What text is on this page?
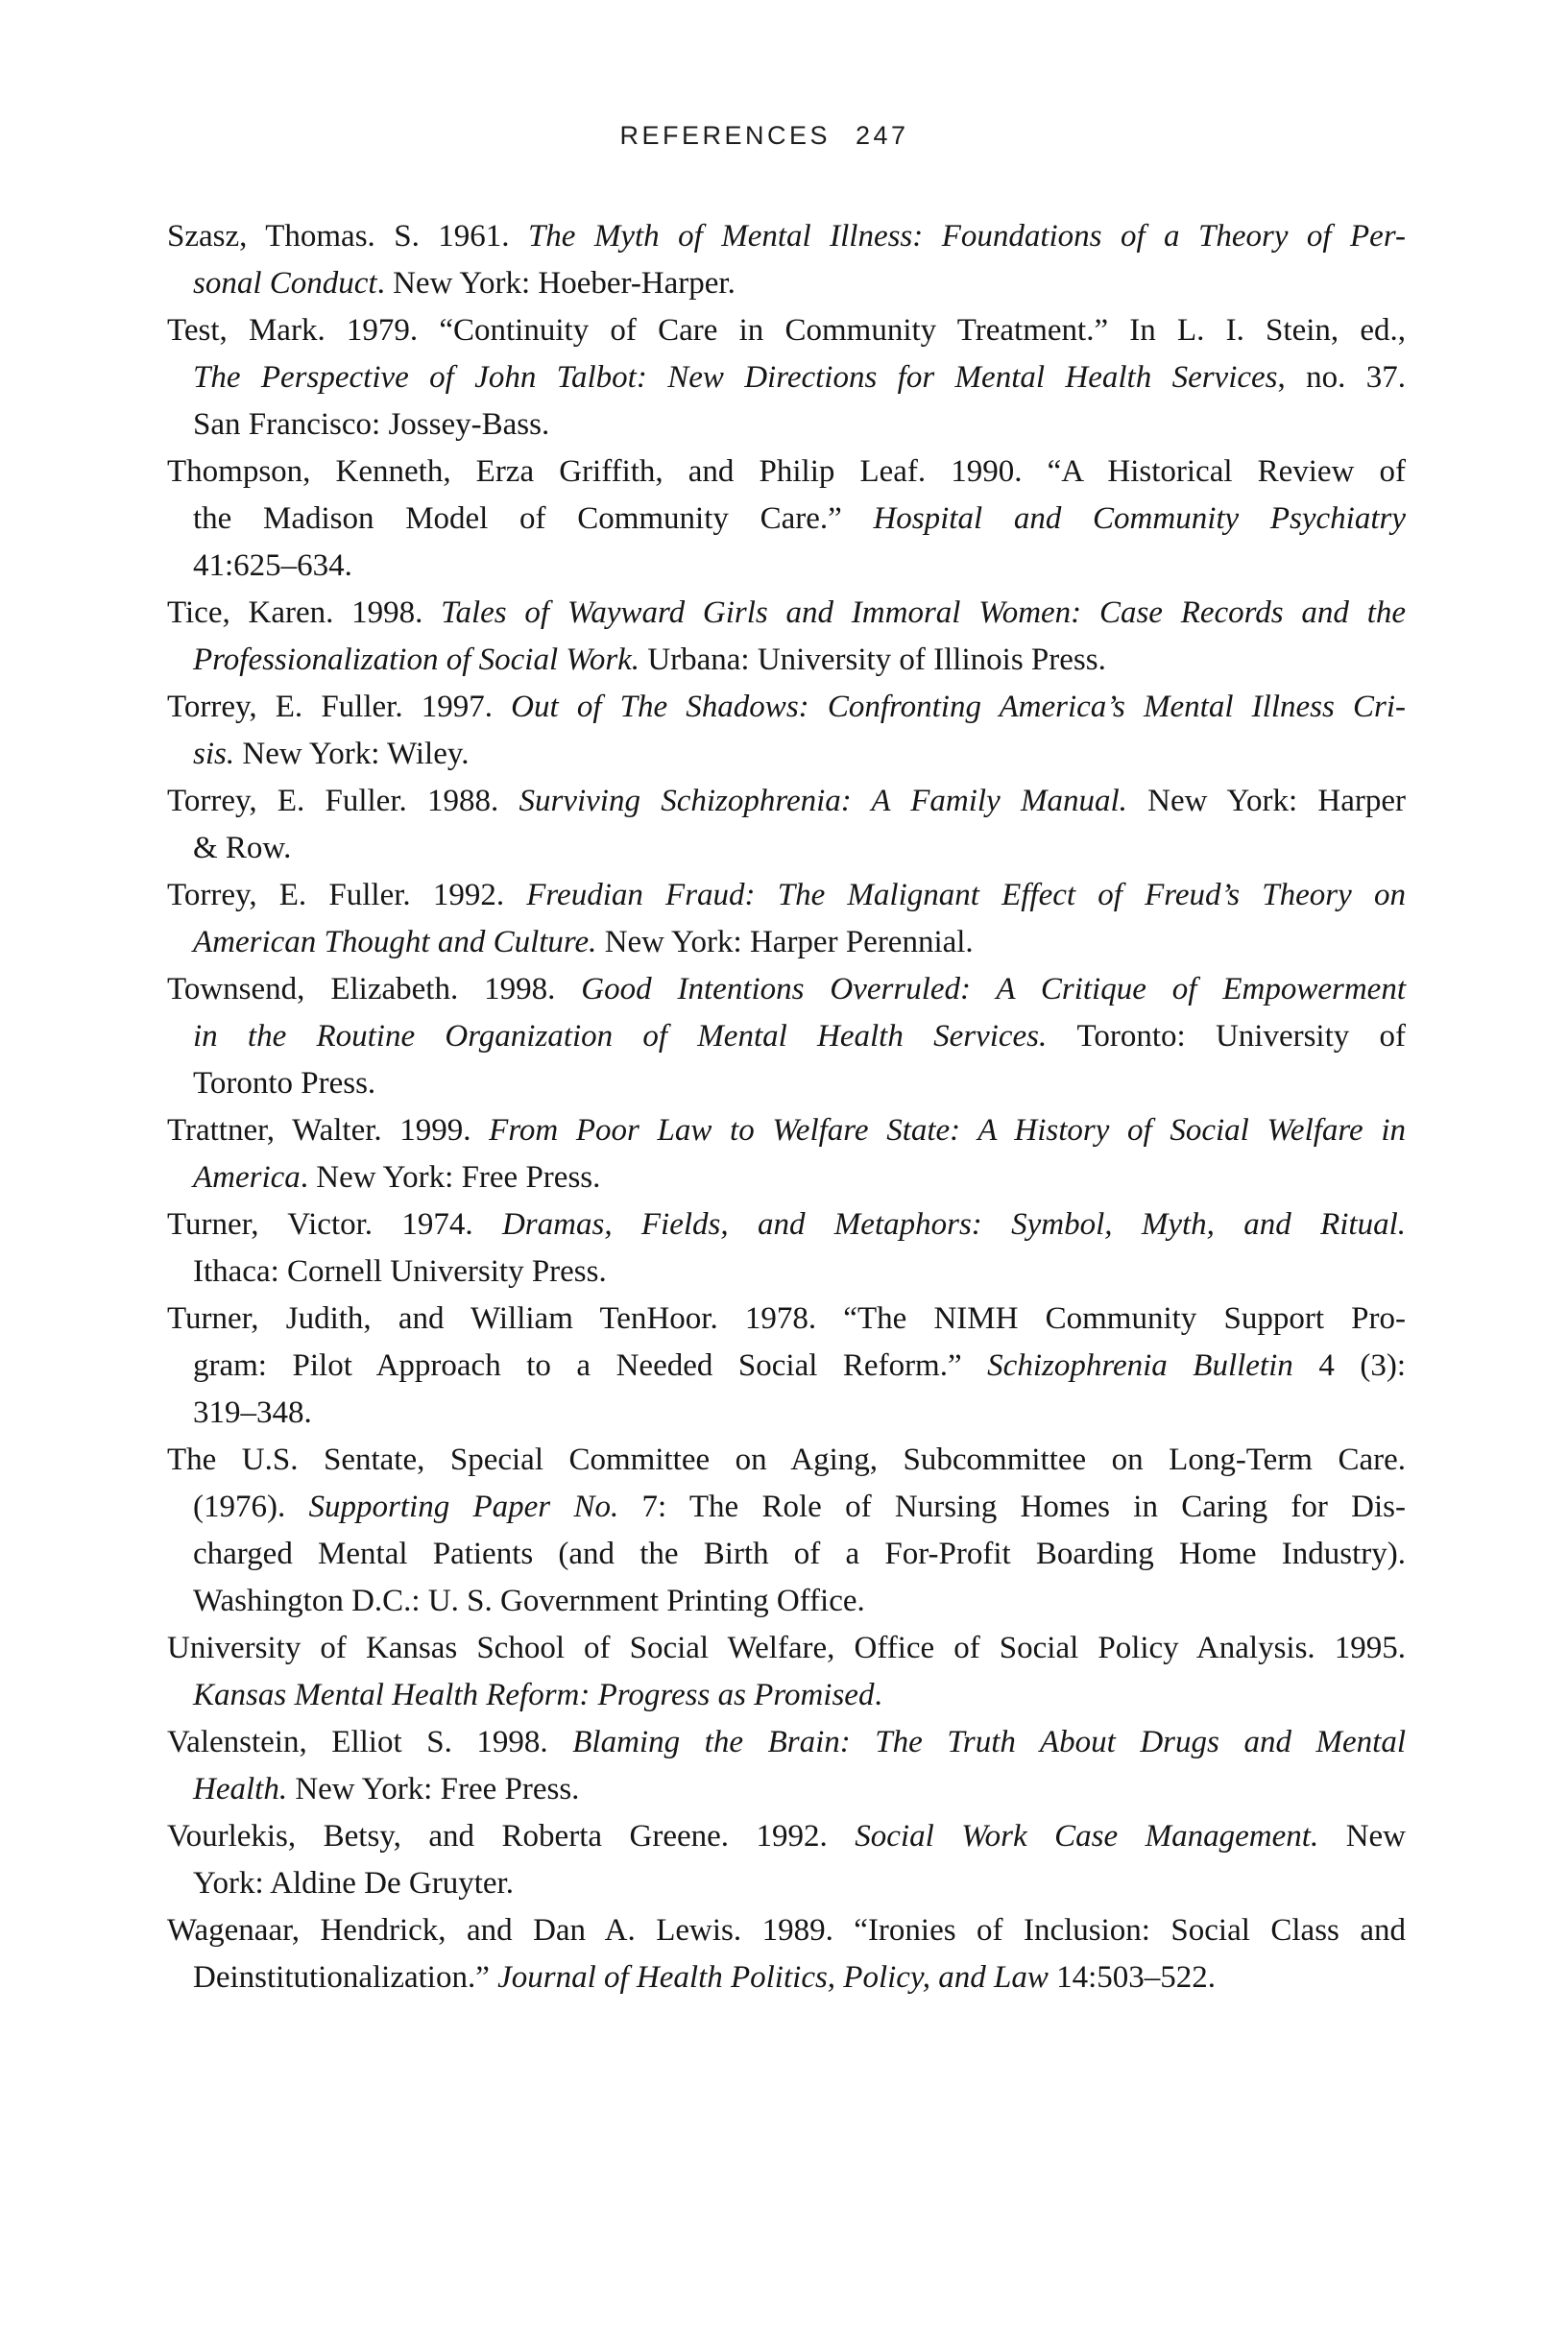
REFERENCES 247
Szasz, Thomas. S. 1961. The Myth of Mental Illness: Foundations of a Theory of Per-
sonal Conduct. New York: Hoeber-Harper.
Test, Mark. 1979. “Continuity of Care in Community Treatment.” In L. I. Stein, ed.,
The Perspective of John Talbot: New Directions for Mental Health Services, no. 37.
San Francisco: Jossey-Bass.
Thompson, Kenneth, Erza Griffith, and Philip Leaf. 1990. “A Historical Review of
the Madison Model of Community Care.” Hospital and Community Psychiatry
41:625–634.
Tice, Karen. 1998. Tales of Wayward Girls and Immoral Women: Case Records and the
Professionalization of Social Work. Urbana: University of Illinois Press.
Torrey, E. Fuller. 1997. Out of The Shadows: Confronting America’s Mental Illness Cri-
sis. New York: Wiley.
Torrey, E. Fuller. 1988. Surviving Schizophrenia: A Family Manual. New York: Harper
& Row.
Torrey, E. Fuller. 1992. Freudian Fraud: The Malignant Effect of Freud’s Theory on
American Thought and Culture. New York: Harper Perennial.
Townsend, Elizabeth. 1998. Good Intentions Overruled: A Critique of Empowerment
in the Routine Organization of Mental Health Services. Toronto: University of
Toronto Press.
Trattner, Walter. 1999. From Poor Law to Welfare State: A History of Social Welfare in
America. New York: Free Press.
Turner, Victor. 1974. Dramas, Fields, and Metaphors: Symbol, Myth, and Ritual.
Ithaca: Cornell University Press.
Turner, Judith, and William TenHoor. 1978. “The NIMH Community Support Pro-
gram: Pilot Approach to a Needed Social Reform.” Schizophrenia Bulletin 4 (3):
319–348.
The U.S. Sentate, Special Committee on Aging, Subcommittee on Long-Term Care.
(1976). Supporting Paper No. 7: The Role of Nursing Homes in Caring for Dis-
charged Mental Patients (and the Birth of a For-Profit Boarding Home Industry).
Washington D.C.: U. S. Government Printing Office.
University of Kansas School of Social Welfare, Office of Social Policy Analysis. 1995.
Kansas Mental Health Reform: Progress as Promised.
Valenstein, Elliot S. 1998. Blaming the Brain: The Truth About Drugs and Mental
Health. New York: Free Press.
Vourlekis, Betsy, and Roberta Greene. 1992. Social Work Case Management. New
York: Aldine De Gruyter.
Wagenaar, Hendrick, and Dan A. Lewis. 1989. “Ironies of Inclusion: Social Class and
Deinstitutionalization.” Journal of Health Politics, Policy, and Law 14:503–522.
